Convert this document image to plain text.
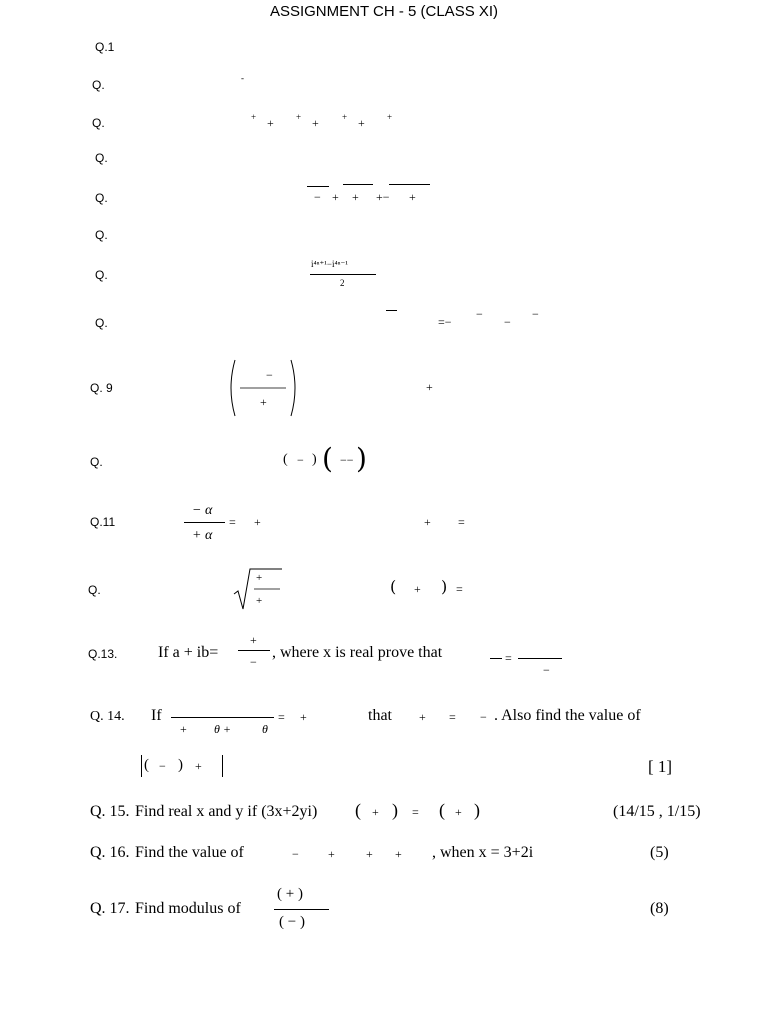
ASSIGNMENT CH - 5 (CLASS XI)
Q.1
Q.	-
Q.	+ + + +	+ + +
Q.
Q.	− + + +− +
Q.
Q.
i⁴ⁿ⁺¹−i⁴ⁿ⁻¹
2
Q.	=−
−
−
−
Q. 9
−
+
+
Q.	( − ) ( −− )
Q.11
− α
+ α
= +	+ =
Q.
+
+
( + ) =
Q.13.	If a + ib=
+
−
, where x is real prove that	=
−
Q. 14. If
+ θ +	θ
= +	that + = − . Also find the value of
( − ) +	[ 1]
Q. 15. Find real x and y if (3x+2yi) ( + ) = ( + )	(14/15 , 1/15)
Q. 16. Find the value of	− +	+ + , when x = 3+2i	(5)
Q. 17. Find modulus of
( + )
( − )
(8)
